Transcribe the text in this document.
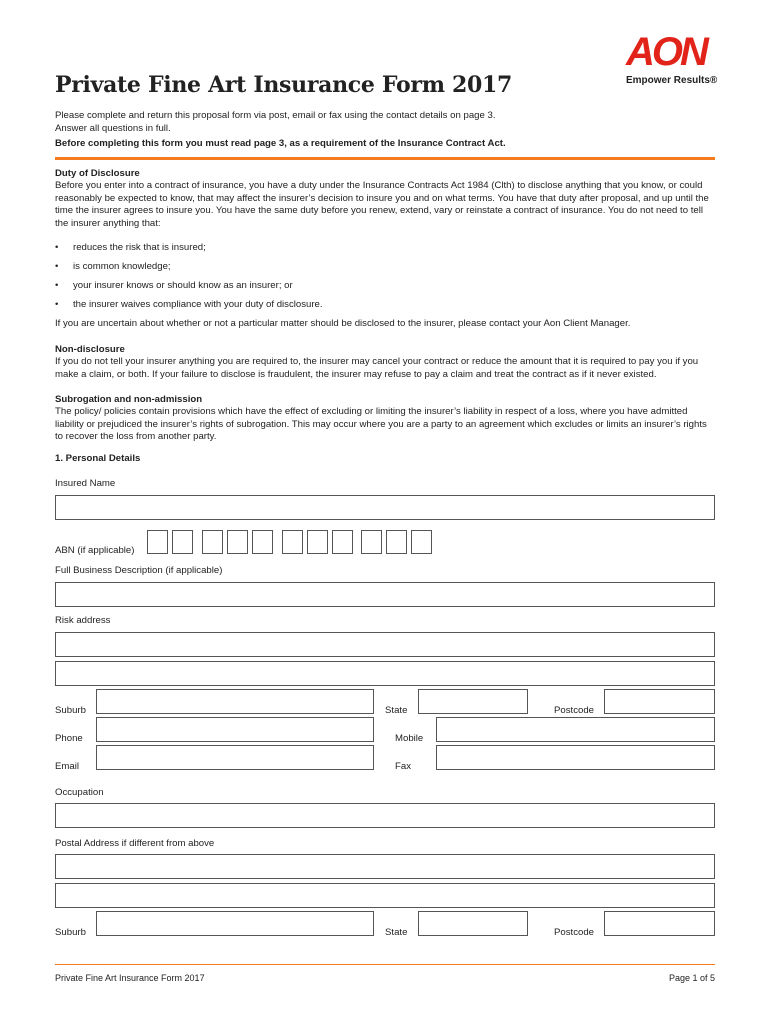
AON
Empower Results®
Private Fine Art Insurance Form 2017
Please complete and return this proposal form via post, email or fax using the contact details on page 3.
Answer all questions in full.
Before completing this form you must read page 3, as a requirement of the Insurance Contract Act.
Duty of Disclosure
Before you enter into a contract of insurance, you have a duty under the Insurance Contracts Act 1984 (Clth) to disclose anything that you know, or could reasonably be expected to know, that may affect the insurer’s decision to insure you and on what terms. You have that duty after proposal, and up until the time the insurer agrees to insure you. You have the same duty before you renew, extend, vary or reinstate a contract of insurance. You do not need to tell the insurer anything that:
• reduces the risk that is insured;
• is common knowledge;
• your insurer knows or should know as an insurer; or
• the insurer waives compliance with your duty of disclosure.
If you are uncertain about whether or not a particular matter should be disclosed to the insurer, please contact your Aon Client Manager.
Non-disclosure
If you do not tell your insurer anything you are required to, the insurer may cancel your contract or reduce the amount that it is required to pay you if you make a claim, or both. If your failure to disclose is fraudulent, the insurer may refuse to pay a claim and treat the contract as if it never existed.
Subrogation and non-admission
The policy/ policies contain provisions which have the effect of excluding or limiting the insurer’s liability in respect of a loss, where you have admitted liability or prejudiced the insurer’s rights of subrogation. This may occur where you are a party to an agreement which excludes or limits an insurer’s rights to recover the loss from another party.
1. Personal Details
Insured Name
ABN (if applicable)
Full Business Description (if applicable)
Risk address
Suburb	State	Postcode
Phone	Mobile
Email	Fax
Occupation
Postal Address if different from above
Suburb	State	Postcode
Private Fine Art Insurance Form 2017	Page 1 of 5
